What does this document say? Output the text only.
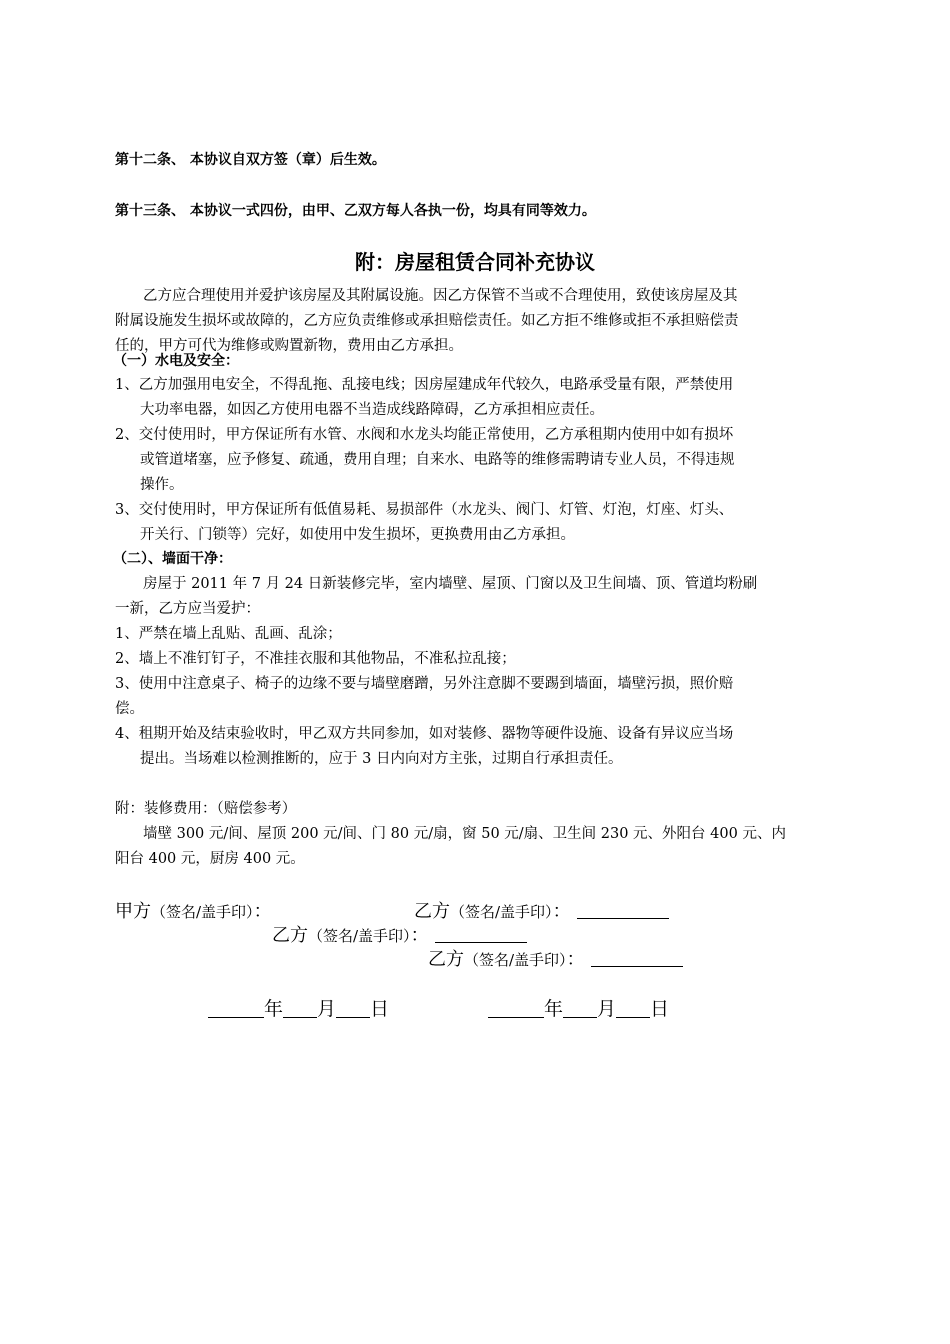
第十二条、 本协议自双方签（章）后生效。
第十三条、 本协议一式四份，由甲、乙双方每人各执一份，均具有同等效力。
附：房屋租赁合同补充协议
乙方应合理使用并爱护该房屋及其附属设施。因乙方保管不当或不合理使用，致使该房屋及其
附属设施发生损坏或故障的，乙方应负责维修或承担赔偿责任。如乙方拒不维修或拒不承担赔偿责
任的，甲方可代为维修或购置新物，费用由乙方承担。
（一）水电及安全：
1、乙方加强用电安全，不得乱拖、乱接电线；因房屋建成年代较久，电路承受量有限，严禁使用
大功率电器，如因乙方使用电器不当造成线路障碍，乙方承担相应责任。
2、交付使用时，甲方保证所有水管、水阀和水龙头均能正常使用，乙方承租期内使用中如有损坏
或管道堵塞，应予修复、疏通，费用自理；自来水、电路等的维修需聘请专业人员，不得违规
操作。
3、交付使用时，甲方保证所有低值易耗、易损部件（水龙头、阀门、灯管、灯泡，灯座、灯头、
开关行、门锁等）完好，如使用中发生损坏，更换费用由乙方承担。
（二）、墙面干净：
房屋于 2011 年 7 月 24 日新装修完毕，室内墙壁、屋顶、门窗以及卫生间墙、顶、管道均粉刷
一新，乙方应当爱护：
1、严禁在墙上乱贴、乱画、乱涂；
2、墙上不准钉钉子，不准挂衣服和其他物品，不准私拉乱接；
3、使用中注意桌子、椅子的边缘不要与墙壁磨蹭，另外注意脚不要踢到墙面，墙壁污损，照价赔
偿。
4、租期开始及结束验收时，甲乙双方共同参加，如对装修、器物等硬件设施、设备有异议应当场
提出。当场难以检测推断的，应于 3 日内向对方主张，过期自行承担责任。
附：装修费用：（赔偿参考）
墙壁 300 元/间、屋顶 200 元/间、门 80 元/扇，窗 50 元/扇、卫生间 230 元、外阳台 400 元、内
阳台 400 元，厨房 400 元。
甲方（签名/盖手印）：	乙方（签名/盖手印）：
乙方（签名/盖手印）：
乙方（签名/盖手印）：
年 月 日	年 月 日
